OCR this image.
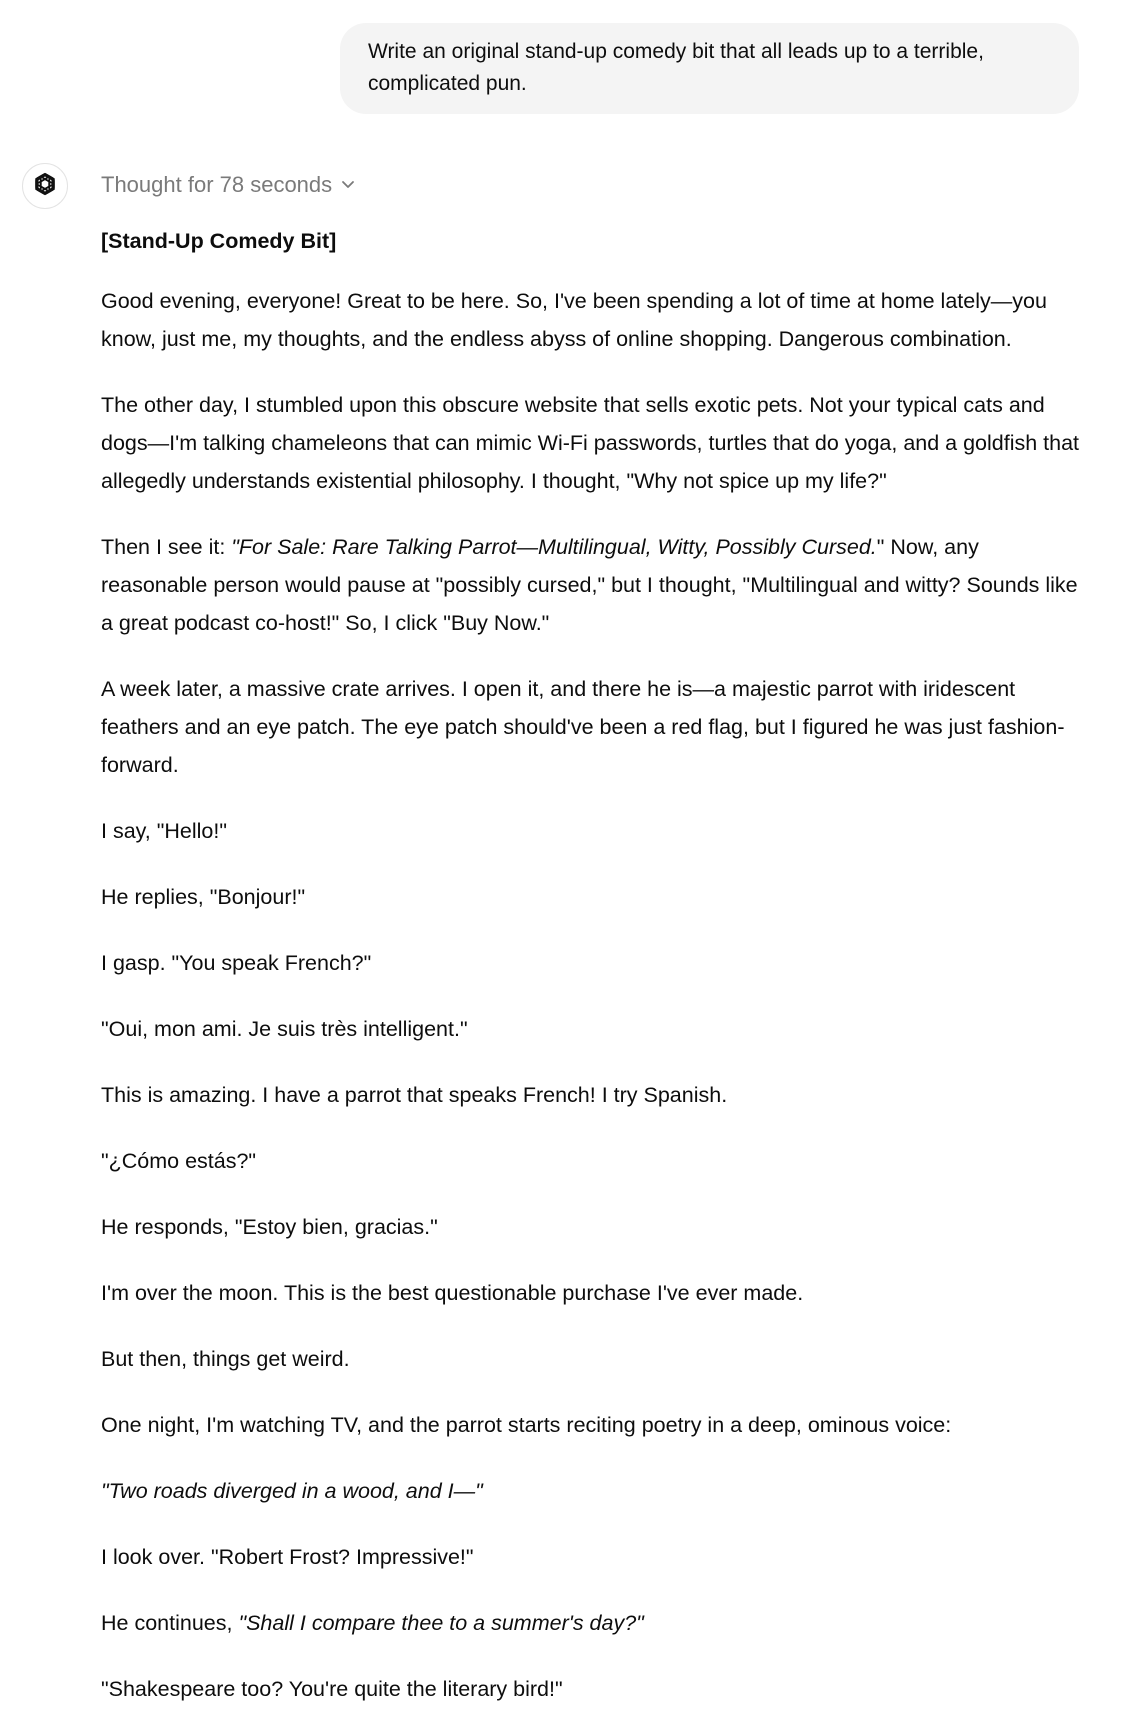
Write an original stand-up comedy bit that all leads up to a terrible, complicated pun.
Thought for 78 seconds

[Stand-Up Comedy Bit]

Good evening, everyone! Great to be here. So, I've been spending a lot of time at home lately—you know, just me, my thoughts, and the endless abyss of online shopping. Dangerous combination.

The other day, I stumbled upon this obscure website that sells exotic pets. Not your typical cats and dogs—I'm talking chameleons that can mimic Wi-Fi passwords, turtles that do yoga, and a goldfish that allegedly understands existential philosophy. I thought, "Why not spice up my life?"

Then I see it: "For Sale: Rare Talking Parrot—Multilingual, Witty, Possibly Cursed." Now, any reasonable person would pause at "possibly cursed," but I thought, "Multilingual and witty? Sounds like a great podcast co-host!" So, I click "Buy Now."

A week later, a massive crate arrives. I open it, and there he is—a majestic parrot with iridescent feathers and an eye patch. The eye patch should've been a red flag, but I figured he was just fashion-forward.

I say, "Hello!"

He replies, "Bonjour!"

I gasp. "You speak French?"

"Oui, mon ami. Je suis très intelligent."

This is amazing. I have a parrot that speaks French! I try Spanish.

"¿Cómo estás?"

He responds, "Estoy bien, gracias."

I'm over the moon. This is the best questionable purchase I've ever made.

But then, things get weird.

One night, I'm watching TV, and the parrot starts reciting poetry in a deep, ominous voice:

"Two roads diverged in a wood, and I—"

I look over. "Robert Frost? Impressive!"

He continues, "Shall I compare thee to a summer's day?"

"Shakespeare too? You're quite the literary bird!"
